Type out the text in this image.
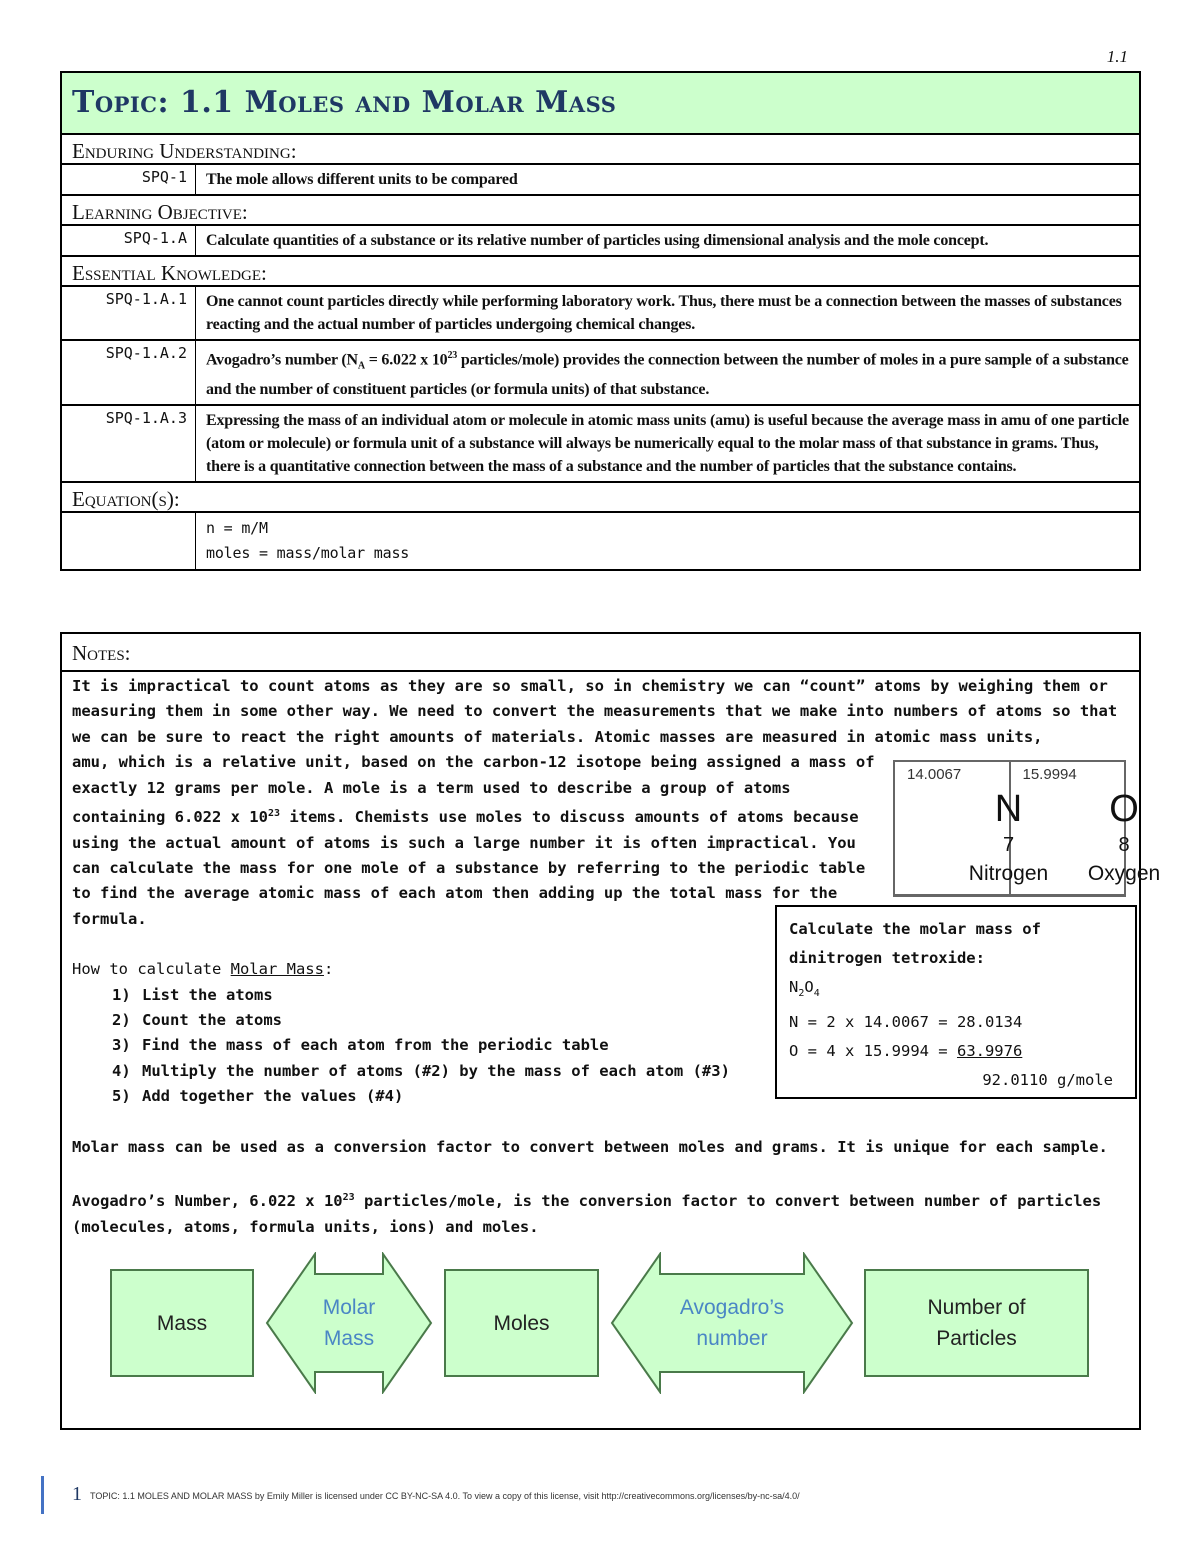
1.1
Topic: 1.1 Moles and Molar Mass
Enduring Understanding:
SPQ-1	The mole allows different units to be compared
Learning Objective:
SPQ-1.A	Calculate quantities of a substance or its relative number of particles using dimensional analysis and the mole concept.
Essential Knowledge:
SPQ-1.A.1	One cannot count particles directly while performing laboratory work. Thus, there must be a connection between the masses of substances reacting and the actual number of particles undergoing chemical changes.
SPQ-1.A.2	Avogadro’s number ($N_A = 6.022$ x $10^{23}$ particles/mole) provides the connection between the number of moles in a pure sample of a substance and the number of constituent particles (or formula units) of that substance.
SPQ-1.A.3	Expressing the mass of an individual atom or molecule in atomic mass units (amu) is useful because the average mass in amu of one particle (atom or molecule) or formula unit of a substance will always be numerically equal to the molar mass of that substance in grams. Thus, there is a quantitative connection between the mass of a substance and the number of particles that the substance contains.
Equation(s):
n = m/M
moles = mass/molar mass
Notes:

It is impractical to count atoms as they are so small, so in chemistry we can “count” atoms by weighing them or measuring them in some other way. We need to convert the measurements that we make into numbers of atoms so that we can be sure to react the right amounts of materials. Atomic masses are measured in atomic mass units,

amu, which is a relative unit, based on the carbon-12 isotope being assigned a mass of exactly 12 grams per mole. A mole is a term used to describe a group of atoms containing 6.022 x $10^{23}$ items. Chemists use moles to discuss amounts of atoms because using the actual amount of atoms is such a large number it is often impractical. You can calculate the mass for one mole of a substance by referring to the periodic table to find the average atomic mass of each atom then adding up the total mass for the formula.

How to calculate Molar Mass:

1) List the atoms
2) Count the atoms
3) Find the mass of each atom from the periodic table
4) Multiply the number of atoms (#2) by the mass of each atom (#3)
5) Add together the values (#4)

Molar mass can be used as a conversion factor to convert between moles and grams. It is unique for each sample.

Avogadro’s Number, 6.022 x $10^{23}$ particles/mole, is the conversion factor to convert between number of particles (molecules, atoms, formula units, ions) and moles.

14.0067
N
7
Nitrogen
15.9994
O
8
Oxygen
Calculate the molar mass of
dinitrogen tetroxide:
$N_2O_4$
N = 2 x 14.0067 = 28.0134
O = 4 x 15.9994 = 63.9976
92.0110 g/mole
Mass
Molar
Mass
Moles
Avogadro’s
number
Number of
Particles
1 TOPIC: 1.1 MOLES AND MOLAR MASS by Emily Miller is licensed under CC BY-NC-SA 4.0. To view a copy of this license, visit http://creativecommons.org/licenses/by-nc-sa/4.0/
